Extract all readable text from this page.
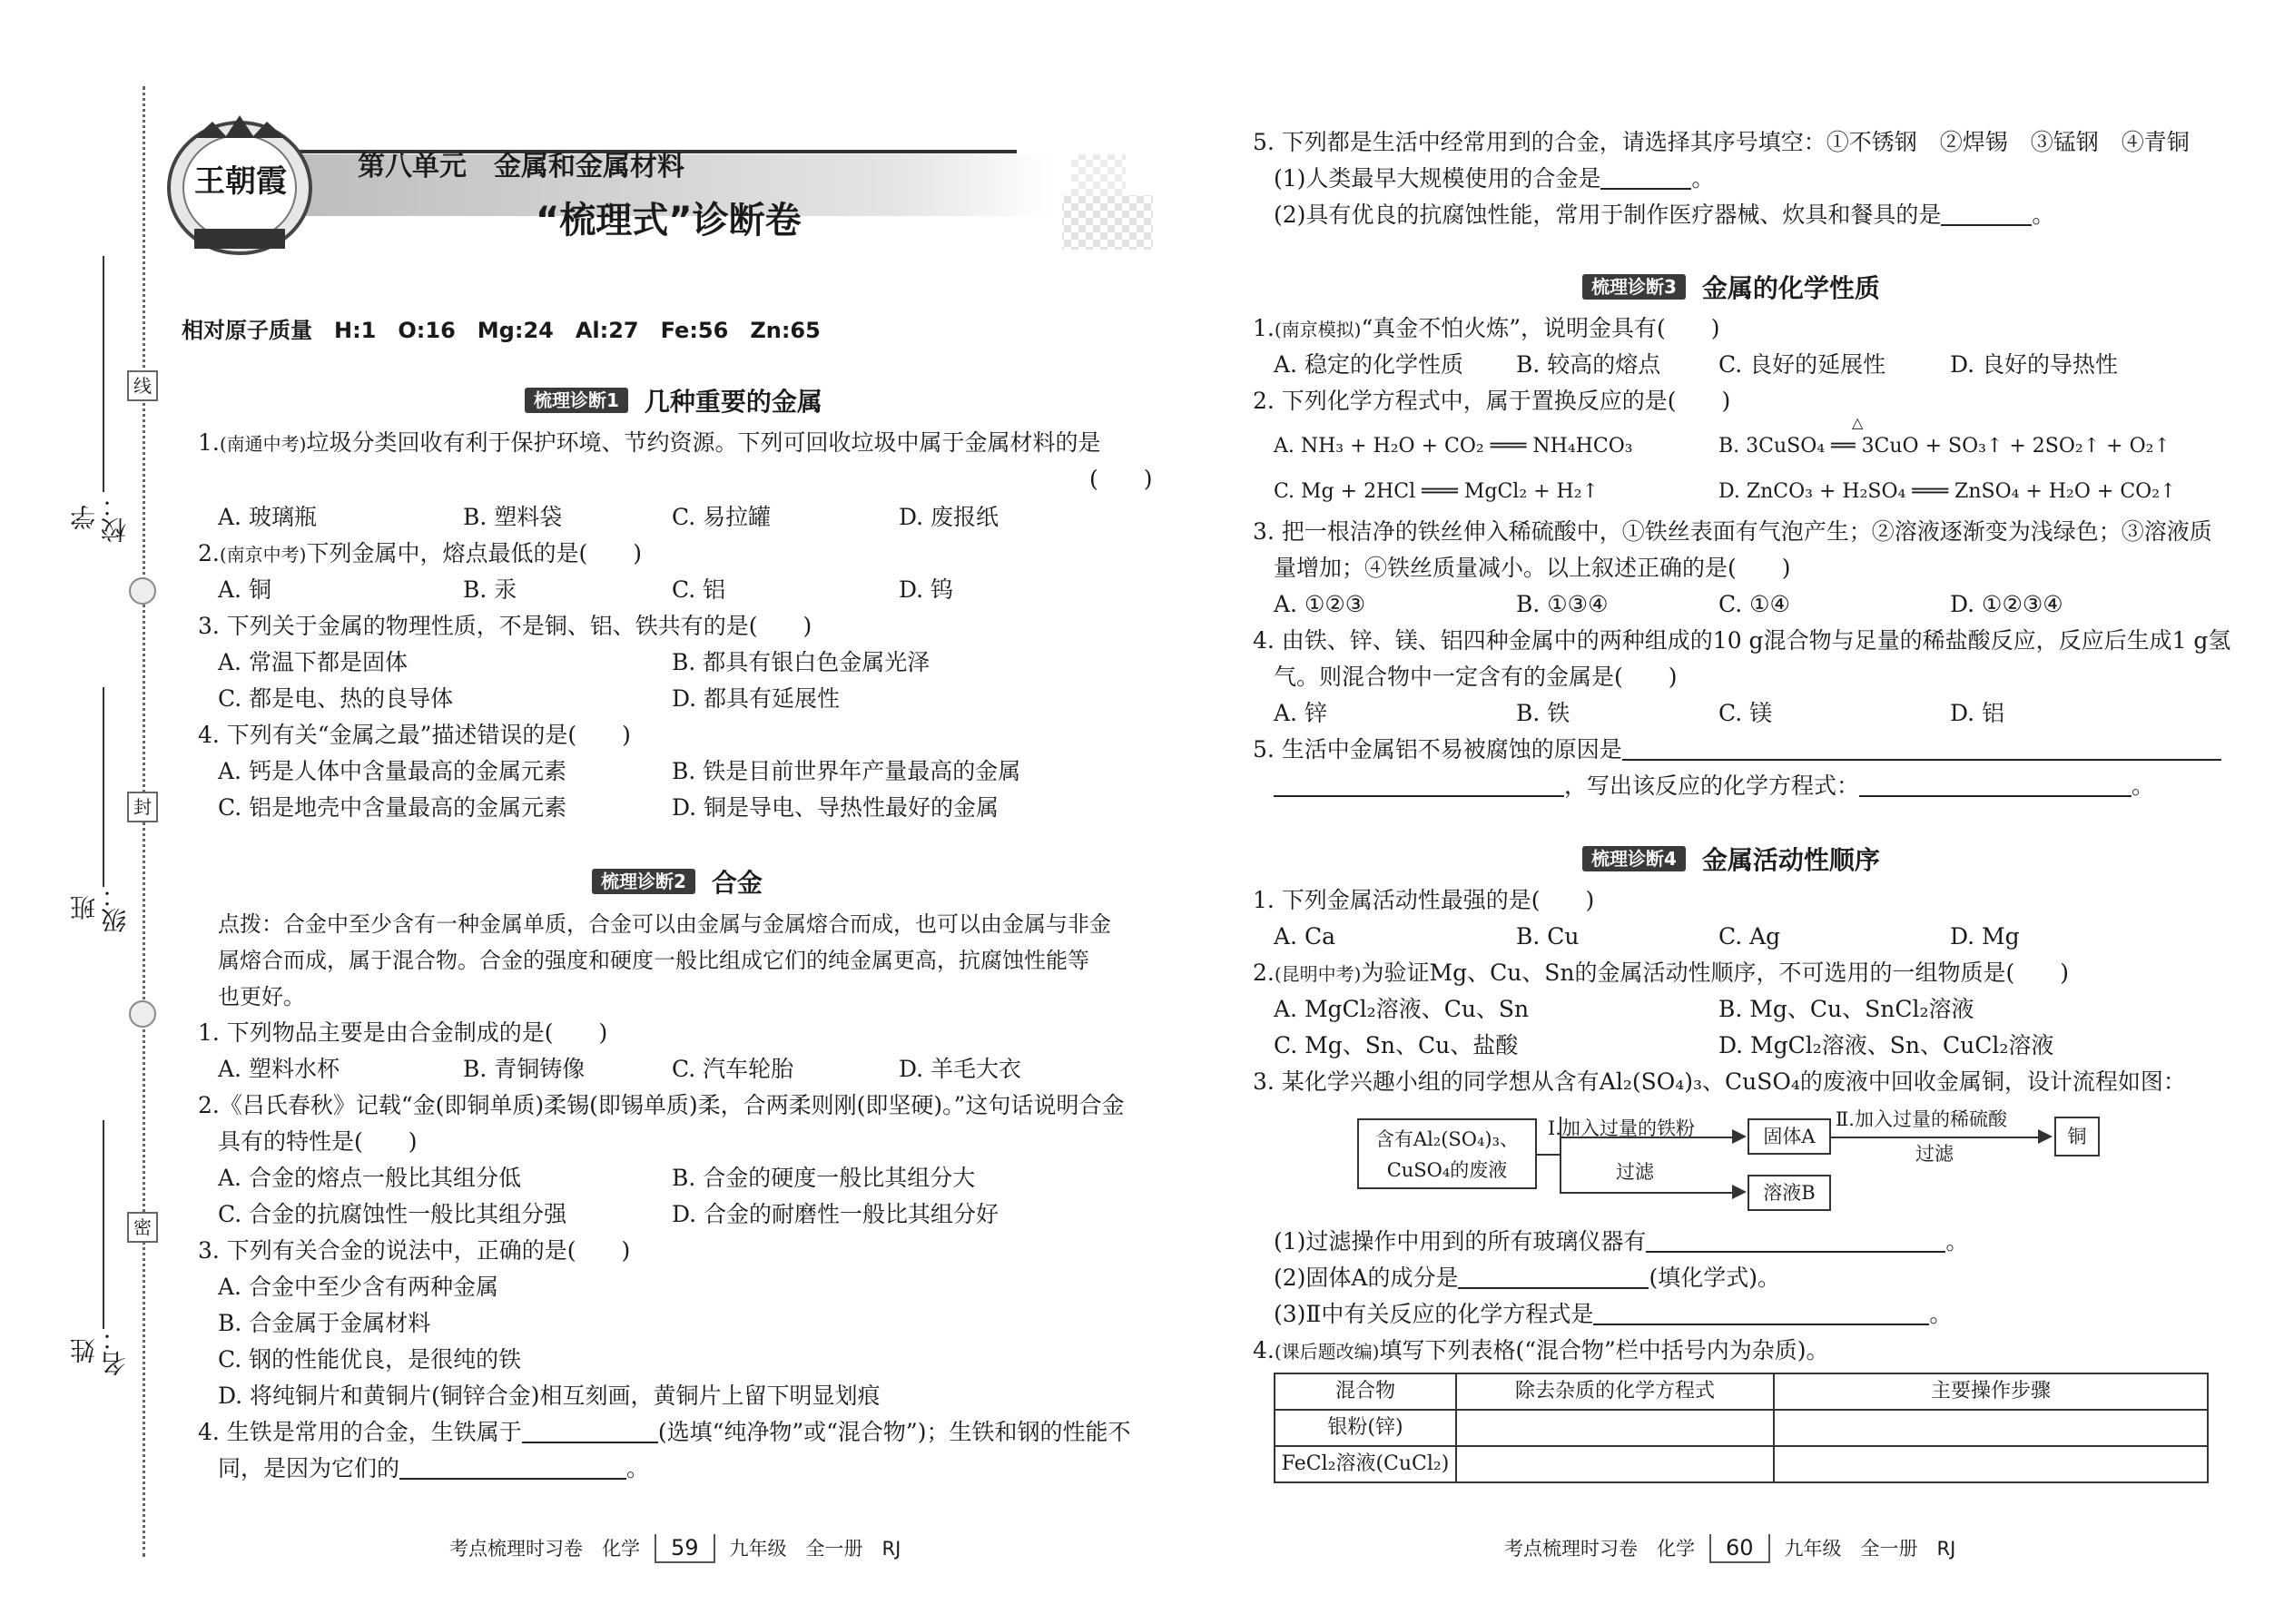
线
封
密
学校：
班级：
姓名：
王朝霞	第八单元　金属和金属材料
“梳理式”诊断卷
相对原子质量　H:1　O:16　Mg:24　Al:27　Fe:56　Zn:65
梳理诊断1 几种重要的金属
1.(南通中考)垃圾分类回收有利于保护环境、节约资源。下列可回收垃圾中属于金属材料的是
(　　)
A. 玻璃瓶	B. 塑料袋	C. 易拉罐	D. 废报纸
2.(南京中考)下列金属中，熔点最低的是(　　)
A. 铜	B. 汞	C. 铝	D. 钨
3. 下列关于金属的物理性质，不是铜、铝、铁共有的是(　　)
A. 常温下都是固体	B. 都具有银白色金属光泽
C. 都是电、热的良导体	D. 都具有延展性
4. 下列有关“金属之最”描述错误的是(　　)
A. 钙是人体中含量最高的金属元素	B. 铁是目前世界年产量最高的金属
C. 铝是地壳中含量最高的金属元素	D. 铜是导电、导热性最好的金属
梳理诊断2 合金
点拨：合金中至少含有一种金属单质，合金可以由金属与金属熔合而成，也可以由金属与非金
属熔合而成，属于混合物。合金的强度和硬度一般比组成它们的纯金属更高，抗腐蚀性能等
也更好。
1. 下列物品主要是由合金制成的是(　　)
A. 塑料水杯	B. 青铜铸像	C. 汽车轮胎	D. 羊毛大衣
2.《吕氏春秋》记载“金(即铜单质)柔锡(即锡单质)柔，合两柔则刚(即坚硬)。”这句话说明合金
具有的特性是(　　)
A. 合金的熔点一般比其组分低	B. 合金的硬度一般比其组分大
C. 合金的抗腐蚀性一般比其组分强	D. 合金的耐磨性一般比其组分好
3. 下列有关合金的说法中，正确的是(　　)
A. 合金中至少含有两种金属
B. 合金属于金属材料
C. 钢的性能优良，是很纯的铁
D. 将纯铜片和黄铜片(铜锌合金)相互刻画，黄铜片上留下明显划痕
4. 生铁是常用的合金，生铁属于	(选填“纯净物”或“混合物”)；生铁和钢的性能不
同，是因为它们的	。
5. 下列都是生活中经常用到的合金，请选择其序号填空：①不锈钢　②焊锡　③锰钢　④青铜
(1)人类最早大规模使用的合金是	。
(2)具有优良的抗腐蚀性能，常用于制作医疗器械、炊具和餐具的是	。
梳理诊断3 金属的化学性质
1.(南京模拟)“真金不怕火炼”，说明金具有(　　)
A. 稳定的化学性质 B. 较高的熔点	C. 良好的延展性	D. 良好的导热性
2. 下列化学方程式中，属于置换反应的是(　　)
A. NH₃ + H₂O + CO₂ ═══ NH₄HCO₃	B. 3CuSO₄ ══ 3CuO + SO₃↑ + 2SO₂↑ + O₂↑
△
C. Mg + 2HCl ═══ MgCl₂ + H₂↑	D. ZnCO₃ + H₂SO₄ ═══ ZnSO₄ + H₂O + CO₂↑
3. 把一根洁净的铁丝伸入稀硫酸中，①铁丝表面有气泡产生；②溶液逐渐变为浅绿色；③溶液质
量增加；④铁丝质量减小。以上叙述正确的是(　　)
A. ①②③	B. ①③④	C. ①④	D. ①②③④
4. 由铁、锌、镁、铝四种金属中的两种组成的10 g混合物与足量的稀盐酸反应，反应后生成1 g氢
气。则混合物中一定含有的金属是(　　)
A. 锌	B. 铁	C. 镁	D. 铝
5. 生活中金属铝不易被腐蚀的原因是
，写出该反应的化学方程式：	。
梳理诊断4 金属活动性顺序
1. 下列金属活动性最强的是(　　)
A. Ca	B. Cu	C. Ag	D. Mg
2.(昆明中考)为验证Mg、Cu、Sn的金属活动性顺序，不可选用的一组物质是(　　)
A. MgCl₂溶液、Cu、Sn	B. Mg、Cu、SnCl₂溶液
C. Mg、Sn、Cu、盐酸	D. MgCl₂溶液、Sn、CuCl₂溶液
3. 某化学兴趣小组的同学想从含有Al₂(SO₄)₃、CuSO₄的废液中回收金属铜，设计流程如图：
含有Al₂(SO₄)₃、
CuSO₄的废液
Ⅰ.加入过量的铁粉
过滤
固体A
溶液B
Ⅱ.加入过量的稀硫酸
过滤
铜
(1)过滤操作中用到的所有玻璃仪器有	。
(2)固体A的成分是	(填化学式)。
(3)Ⅱ中有关反应的化学方程式是	。
4.(课后题改编)填写下列表格(“混合物”栏中括号内为杂质)。
混合物	除去杂质的化学方程式	主要操作步骤
银粉(锌)		
FeCl₂溶液(CuCl₂)		
考点梳理时习卷　化学 59 九年级　全一册　RJ	考点梳理时习卷　化学 60 九年级　全一册　RJ
